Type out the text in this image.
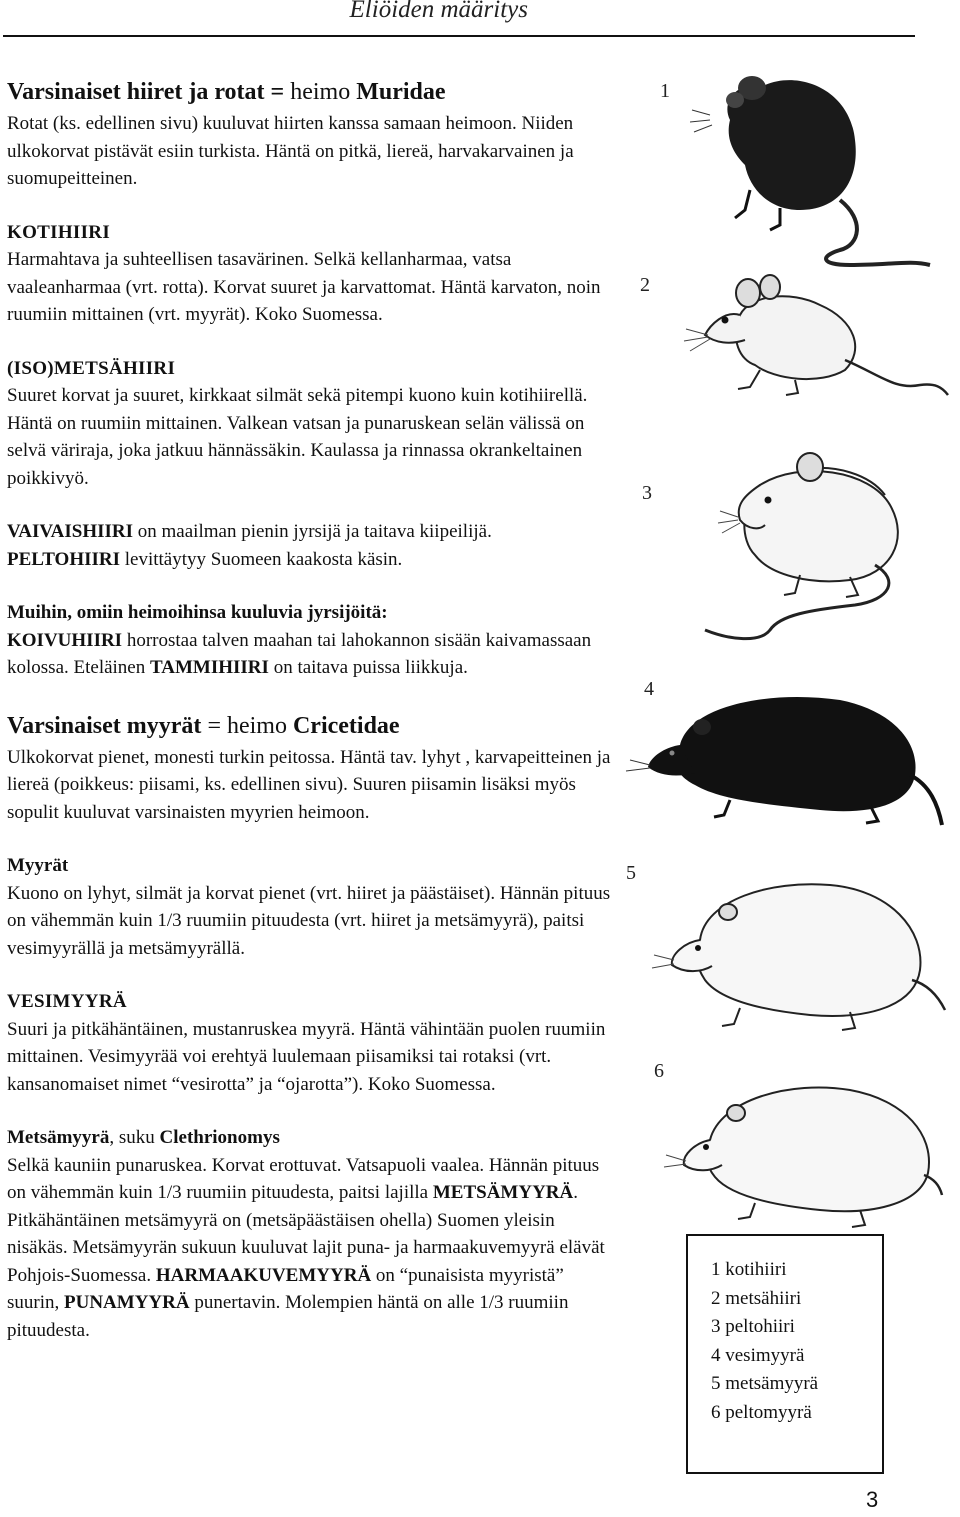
Eliöiden määritys
Varsinaiset hiiret ja rotat = heimo Muridae

Rotat (ks. edellinen sivu) kuuluvat hiirten kanssa samaan heimoon. Niiden ulkokorvat pistävät esiin turkista. Häntä on pitkä, liereä, harvakarvainen ja suomupeitteinen.

KOTIHIIRI

Harmahtava ja suhteellisen tasavärinen. Selkä kellanharmaa, vatsa vaaleanharmaa (vrt. rotta). Korvat suuret ja karvattomat. Häntä karvaton, noin ruumiin mittainen (vrt. myyrät). Koko Suomessa.

(ISO)METSÄHIIRI

Suuret korvat ja suuret, kirkkaat silmät sekä pitempi kuono kuin kotihiirellä. Häntä on ruumiin mittainen. Valkean vatsan ja punaruskean selän välissä on selvä väriraja, joka jatkuu hännässäkin. Kaulassa ja rinnassa okrankeltainen poikkivyö.

VAIVAISHIIRI on maailman pienin jyrsijä ja taitava kiipeilijä.

PELTOHIIRI levittäytyy Suomeen kaakosta käsin.

Muihin, omiin heimoihinsa kuuluvia jyrsijöitä:

KOIVUHIIRI horrostaa talven maahan tai lahokannon sisään kaivamassaan kolossa. Eteläinen TAMMIHIIRI on taitava puissa liikkuja.

Varsinaiset myyrät = heimo Cricetidae

Ulkokorvat pienet, monesti turkin peitossa. Häntä tav. lyhyt , karvapeitteinen ja liereä (poikkeus: piisami, ks. edellinen sivu). Suuren piisamin lisäksi myös sopulit kuuluvat varsinaisten myyrien heimoon.

Myyrät

Kuono on lyhyt, silmät ja korvat pienet (vrt. hiiret ja päästäiset). Hännän pituus on vähemmän kuin 1/3 ruumiin pituudesta (vrt. hiiret ja metsämyyrä), paitsi vesimyyrällä ja metsämyyrällä.

VESIMYYRÄ

Suuri ja pitkähäntäinen, mustanruskea myyrä. Häntä vähintään puolen ruumiin mittainen. Vesimyyrää voi erehtyä luulemaan piisamiksi tai rotaksi (vrt. kansanomaiset nimet “vesirotta” ja “ojarotta”). Koko Suomessa.

Metsämyyrä, suku Clethrionomys

Selkä kauniin punaruskea. Korvat erottuvat. Vatsapuoli vaalea. Hännän pituus on vähemmän kuin 1/3 ruumiin pituudesta, paitsi lajilla METSÄMYYRÄ. Pitkähäntäinen metsämyyrä on (metsäpäästäisen ohella) Suomen yleisin nisäkäs. Metsämyyrän sukuun kuuluvat lajit puna- ja harmaakuvemyyrä elävät Pohjois-Suomessa. HARMAAKUVEMYYRÄ on “punaisista myyristä” suurin, PUNAMYYRÄ punertavin. Molempien häntä on alle 1/3 ruumiin pituudesta.

1
2
3
4
5
6
1 kotihiiri
2 metsähiiri
3 peltohiiri
4 vesimyyrä
5 metsämyyrä
6 peltomyyrä
3
